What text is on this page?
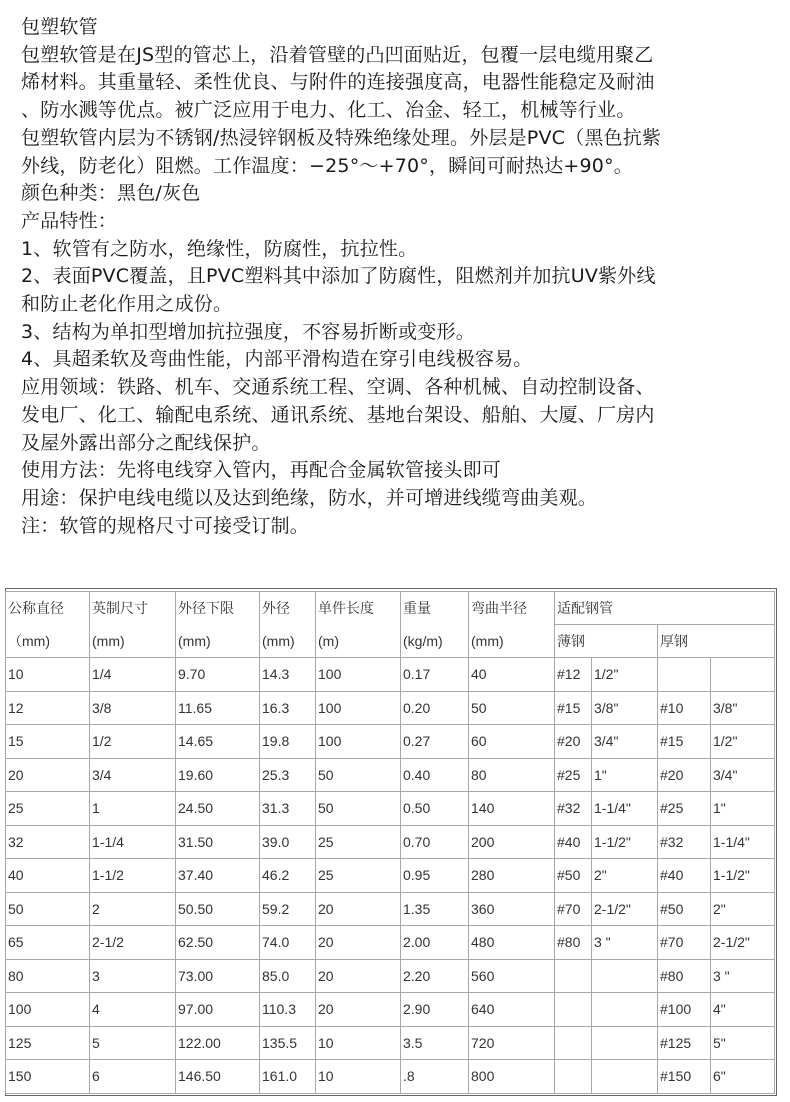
包塑软管

包塑软管是在JS型的管芯上，沿着管壁的凸凹面贴近，包覆一层电缆用聚乙

烯材料。其重量轻、柔性优良、与附件的连接强度高，电器性能稳定及耐油

、防水溅等优点。被广泛应用于电力、化工、冶金、轻工，机械等行业。

包塑软管内层为不锈钢/热浸锌钢板及特殊绝缘处理。外层是PVC（黑色抗紫

外线，防老化）阻燃。工作温度：−25°～+70°，瞬间可耐热达+90°。

颜色种类：黑色/灰色

产品特性：

1、软管有之防水，绝缘性，防腐性，抗拉性。

2、表面PVC覆盖，且PVC塑料其中添加了防腐性，阻燃剂并加抗UV紫外线

和防止老化作用之成份。

3、结构为单扣型增加抗拉强度，不容易折断或变形。

4、具超柔软及弯曲性能，内部平滑构造在穿引电线极容易。

应用领域：铁路、机车、交通系统工程、空调、各种机械、自动控制设备、

发电厂、化工、输配电系统、通讯系统、基地台架设、船舶、大厦、厂房内

及屋外露出部分之配线保护。

使用方法：先将电线穿入管内，再配合金属软管接头即可

用途：保护电线电缆以及达到绝缘，防水，并可增进线缆弯曲美观。

注：软管的规格尺寸可接受订制。

公称直径	英制尺寸	外径下限	外径	单件长度	重量	弯曲半径	适配钢管			
（mm)	(mm)	(mm)	(mm)	(m)	(kg/m)	(mm)	薄钢		厚钢	
10	1/4	9.70	14.3	100	0.17	40	#12	1/2"		
12	3/8	11.65	16.3	100	0.20	50	#15	3/8"	#10	3/8"
15	1/2	14.65	19.8	100	0.27	60	#20	3/4"	#15	1/2"
20	3/4	19.60	25.3	50	0.40	80	#25	1"	#20	3/4"
25	1	24.50	31.3	50	0.50	140	#32	1-1/4"	#25	1"
32	1-1/4	31.50	39.0	25	0.70	200	#40	1-1/2"	#32	1-1/4"
40	1-1/2	37.40	46.2	25	0.95	280	#50	2"	#40	1-1/2"
50	2	50.50	59.2	20	1.35	360	#70	2-1/2"	#50	2"
65	2-1/2	62.50	74.0	20	2.00	480	#80	3 "	#70	2-1/2"
80	3	73.00	85.0	20	2.20	560			#80	3 "
100	4	97.00	110.3	20	2.90	640			#100	4"
125	5	122.00	135.5	10	3.5	720			#125	5"
150	6	146.50	161.0	10	.8	800			#150	6"
